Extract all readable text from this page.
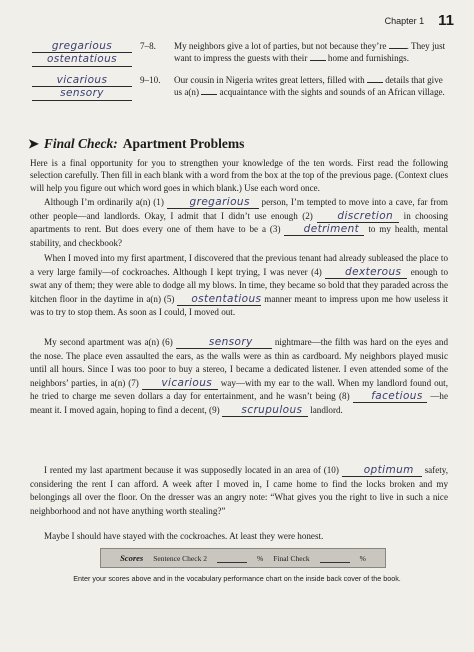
Chapter 1 11
gregarious
ostentatious
7–8. My neighbors give a lot of parties, but not because they’re . They just want to impress the guests with their  home and furnishings.
vicarious
sensory
9–10. Our cousin in Nigeria writes great letters, filled with  details that give us a(n)  acquaintance with the sights and sounds of an African village.
➤ Final Check: Apartment Problems
Here is a final opportunity for you to strengthen your knowledge of the ten words. First read the following selection carefully. Then fill in each blank with a word from the box at the top of the previous page. (Context clues will help you figure out which word goes in which blank.) Use each word once.
Although I’m ordinarily a(n) (1) gregarious person, I’m tempted to move into a cave, far from other people—and landlords. Okay, I admit that I didn’t use enough (2) discretion in choosing apartments to rent. But does every one of them have to be a (3) detriment to my health, mental stability, and checkbook?
When I moved into my first apartment, I discovered that the previous tenant had already subleased the place to a very large family—of cockroaches. Although I kept trying, I was never (4) dexterous enough to swat any of them; they were able to dodge all my blows. In time, they became so bold that they paraded across the kitchen floor in the daytime in a(n) (5) ostentatious manner meant to impress upon me how useless it was to try to stop them. As soon as I could, I moved out.
My second apartment was a(n) (6)	sensory nightmare—the filth was hard on the eyes and the nose. The place even assaulted the ears, as the walls were as thin as cardboard. My neighbors played music until all hours. Since I was too poor to buy a stereo, I became a dedicated listener. I even attended some of the neighbors’ parties, in a(n) (7) vicarious way—with my ear to the wall. When my landlord found out, he tried to charge me seven dollars a day for entertainment, and he wasn’t being (8) facetious —he meant it. I moved again, hoping to find a decent, (9) scrupulous landlord.
I rented my last apartment because it was supposedly located in an area of (10) optimum safety, considering the rent I can afford. A week after I moved in, I came home to find the locks broken and my belongings all over the floor. On the dresser was an angry note: “What gives you the right to live in such a nice neighborhood and not have anything worth stealing?”
Maybe I should have stayed with the cockroaches. At least they were honest.
Scores Sentence Check 2	% Final Check	%
Enter your scores above and in the vocabulary performance chart on the inside back cover of the book.
